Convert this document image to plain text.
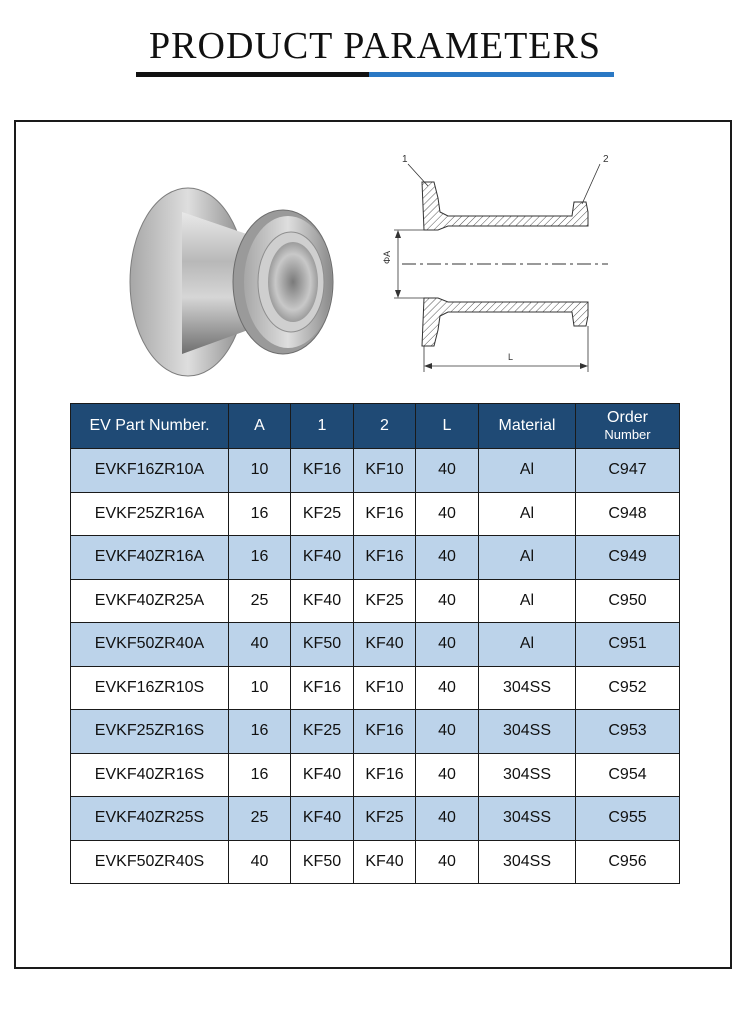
PRODUCT PARAMETERS
ΦA
L
1	2
EV Part Number.	A	1	2	L	Material	Order
Number

EVKF16ZR10A	10	KF16	KF10	40	Al	C947
EVKF25ZR16A	16	KF25	KF16	40	Al	C948
EVKF40ZR16A	16	KF40	KF16	40	Al	C949
EVKF40ZR25A	25	KF40	KF25	40	Al	C950
EVKF50ZR40A	40	KF50	KF40	40	Al	C951
EVKF16ZR10S	10	KF16	KF10	40	304SS	C952
EVKF25ZR16S	16	KF25	KF16	40	304SS	C953
EVKF40ZR16S	16	KF40	KF16	40	304SS	C954
EVKF40ZR25S	25	KF40	KF25	40	304SS	C955
EVKF50ZR40S	40	KF50	KF40	40	304SS	C956
